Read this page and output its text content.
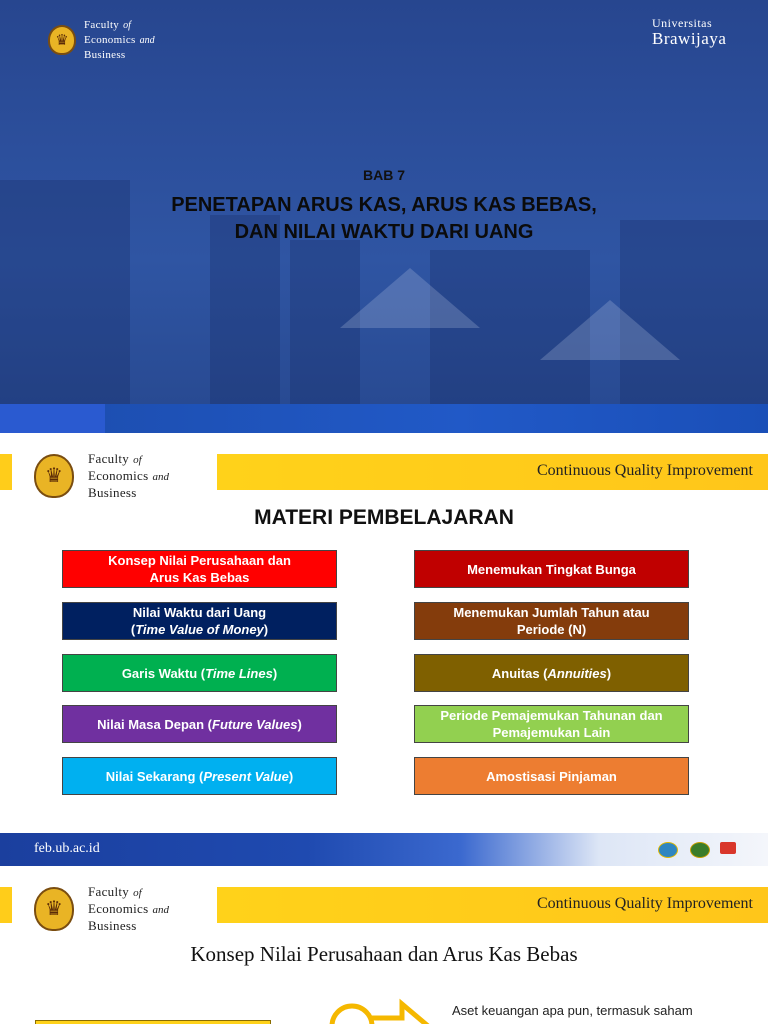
♛
Faculty of
Economics and
Business
Universitas
Brawijaya
BAB 7
PENETAPAN ARUS KAS, ARUS KAS BEBAS,
DAN NILAI WAKTU DARI UANG
♛
Faculty of
Economics and
Business
Continuous Quality Improvement
MATERI PEMBELAJARAN
Konsep Nilai Perusahaan dan
Arus Kas Bebas
Nilai Waktu dari Uang
(Time Value of Money)
Garis Waktu (Time Lines)
Nilai Masa Depan (Future Values)
Nilai Sekarang (Present Value)
Menemukan Tingkat Bunga
Menemukan Jumlah Tahun atau
Periode (N)
Anuitas (Annuities)
Periode Pemajemukan Tahunan dan
Pemajemukan Lain
Amostisasi Pinjaman
feb.ub.ac.id
♛
Faculty of
Economics and
Business
Continuous Quality Improvement
Konsep Nilai Perusahaan dan Arus Kas Bebas
Aset keuangan apa pun, termasuk saham
